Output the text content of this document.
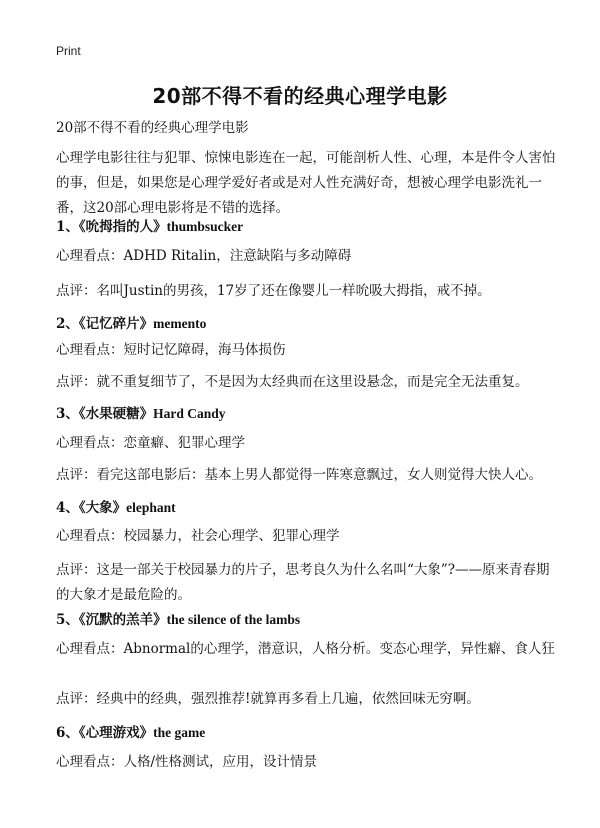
Print
20部不得不看的经典心理学电影
20部不得不看的经典心理学电影
心理学电影往往与犯罪、惊悚电影连在一起，可能剖析人性、心理，本是件令人害怕的事，但是，如果您是心理学爱好者或是对人性充满好奇，想被心理学电影洗礼一番，这20部心理电影将是不错的选择。
1、《吮拇指的人》thumbsucker
心理看点：ADHD Ritalin，注意缺陷与多动障碍
点评：名叫Justin的男孩，17岁了还在像婴儿一样吮吸大拇指，戒不掉。
2、《记忆碎片》memento
心理看点：短时记忆障碍，海马体损伤
点评：就不重复细节了，不是因为太经典而在这里设悬念，而是完全无法重复。
3、《水果硬糖》Hard Candy
心理看点：恋童癖、犯罪心理学
点评：看完这部电影后：基本上男人都觉得一阵寒意飘过，女人则觉得大快人心。
4、《大象》elephant
心理看点：校园暴力，社会心理学、犯罪心理学
点评：这是一部关于校园暴力的片子，思考良久为什么名叫“大象”?——原来青春期的大象才是最危险的。
5、《沉默的羔羊》the silence of the lambs
心理看点：Abnormal的心理学，潜意识，人格分析。变态心理学，异性癖、食人狂
点评：经典中的经典，强烈推荐!就算再多看上几遍，依然回味无穷啊。
6、《心理游戏》the game
心理看点：人格/性格测试，应用，设计情景
